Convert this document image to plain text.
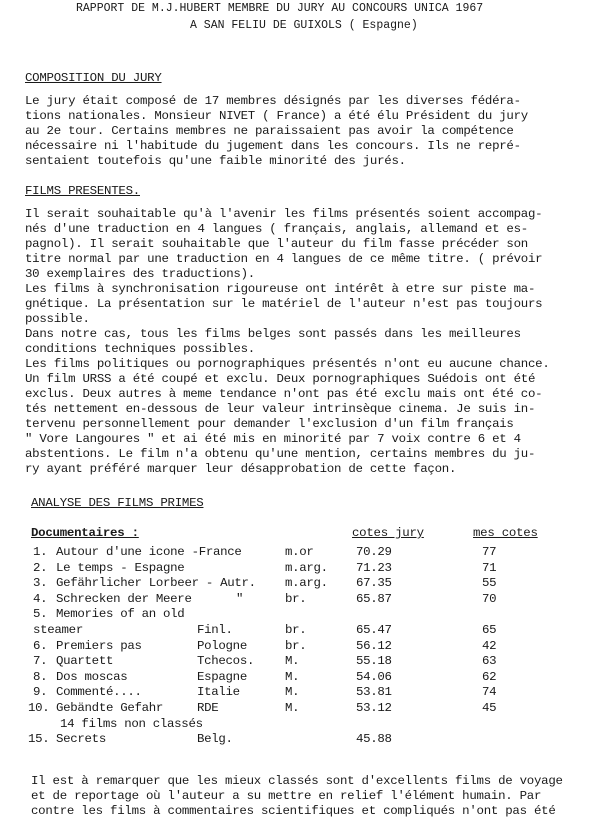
RAPPORT DE M.J.HUBERT MEMBRE DU JURY AU CONCOURS UNICA 1967
A SAN FELIU DE GUIXOLS ( Espagne)
COMPOSITION DU JURY
Le jury était composé de 17 membres désignés par les diverses fédéra-
tions nationales. Monsieur NIVET ( France) a été élu Président du jury
au 2e tour. Certains membres ne paraissaient pas avoir la compétence
nécessaire ni l'habitude du jugement dans les concours. Ils ne repré-
sentaient toutefois qu'une faible minorité des jurés.
FILMS PRESENTES.
Il serait souhaitable qu'à l'avenir les films présentés soient accompag-
nés d'une traduction en 4 langues ( français, anglais, allemand et es-
pagnol). Il serait souhaitable que l'auteur du film fasse précéder son
titre normal par une traduction en 4 langues de ce même titre. ( prévoir
30 exemplaires des traductions).
Les films à synchronisation rigoureuse ont intérêt à etre sur piste ma-
gnétique. La présentation sur le matériel de l'auteur n'est pas toujours
possible.
Dans notre cas, tous les films belges sont passés dans les meilleures
conditions techniques possibles.
Les films politiques ou pornographiques présentés n'ont eu aucune chance.
Un film URSS a été coupé et exclu. Deux pornographiques Suédois ont été
exclus. Deux autres à meme tendance n'ont pas été exclu mais ont été co-
tés nettement en-dessous de leur valeur intrinsèque cinema. Je suis in-
tervenu personnellement pour demander l'exclusion d'un film français
" Vore Langoures " et ai été mis en minorité par 7 voix contre 6 et 4
abstentions. Le film n'a obtenu qu'une mention, certains membres du ju-
ry ayant préféré marquer leur désapprobation de cette façon.
ANALYSE DES FILMS PRIMES
Documentaires :	cotes jury	mes cotes
1. Autour d'une icone -France	m.or	70.29	77
2. Le temps - Espagne	m.arg. 71.23	71
3. Gefährlicher Lorbeer - Autr. m.arg. 67.35	55
4. Schrecken der Meere	"	br.	65.87	70
5. Memories of an old
steamer	Finl.	br.	65.47	65
6. Premiers pas	Pologne	br.	56.12	42
7. Quartett	Tchecos. M.	55.18	63
8. Dos moscas	Espagne	M.	54.06	62
9. Commenté....	Italie	M.	53.81	74
10. Gebändte Gefahr	RDE	M.	53.12	45
14 films non classés
15. Secrets	Belg.	45.88
Il est à remarquer que les mieux classés sont d'excellents films de voyage
et de reportage où l'auteur a su mettre en relief l'élément humain. Par
contre les films à commentaires scientifiques et compliqués n'ont pas été
